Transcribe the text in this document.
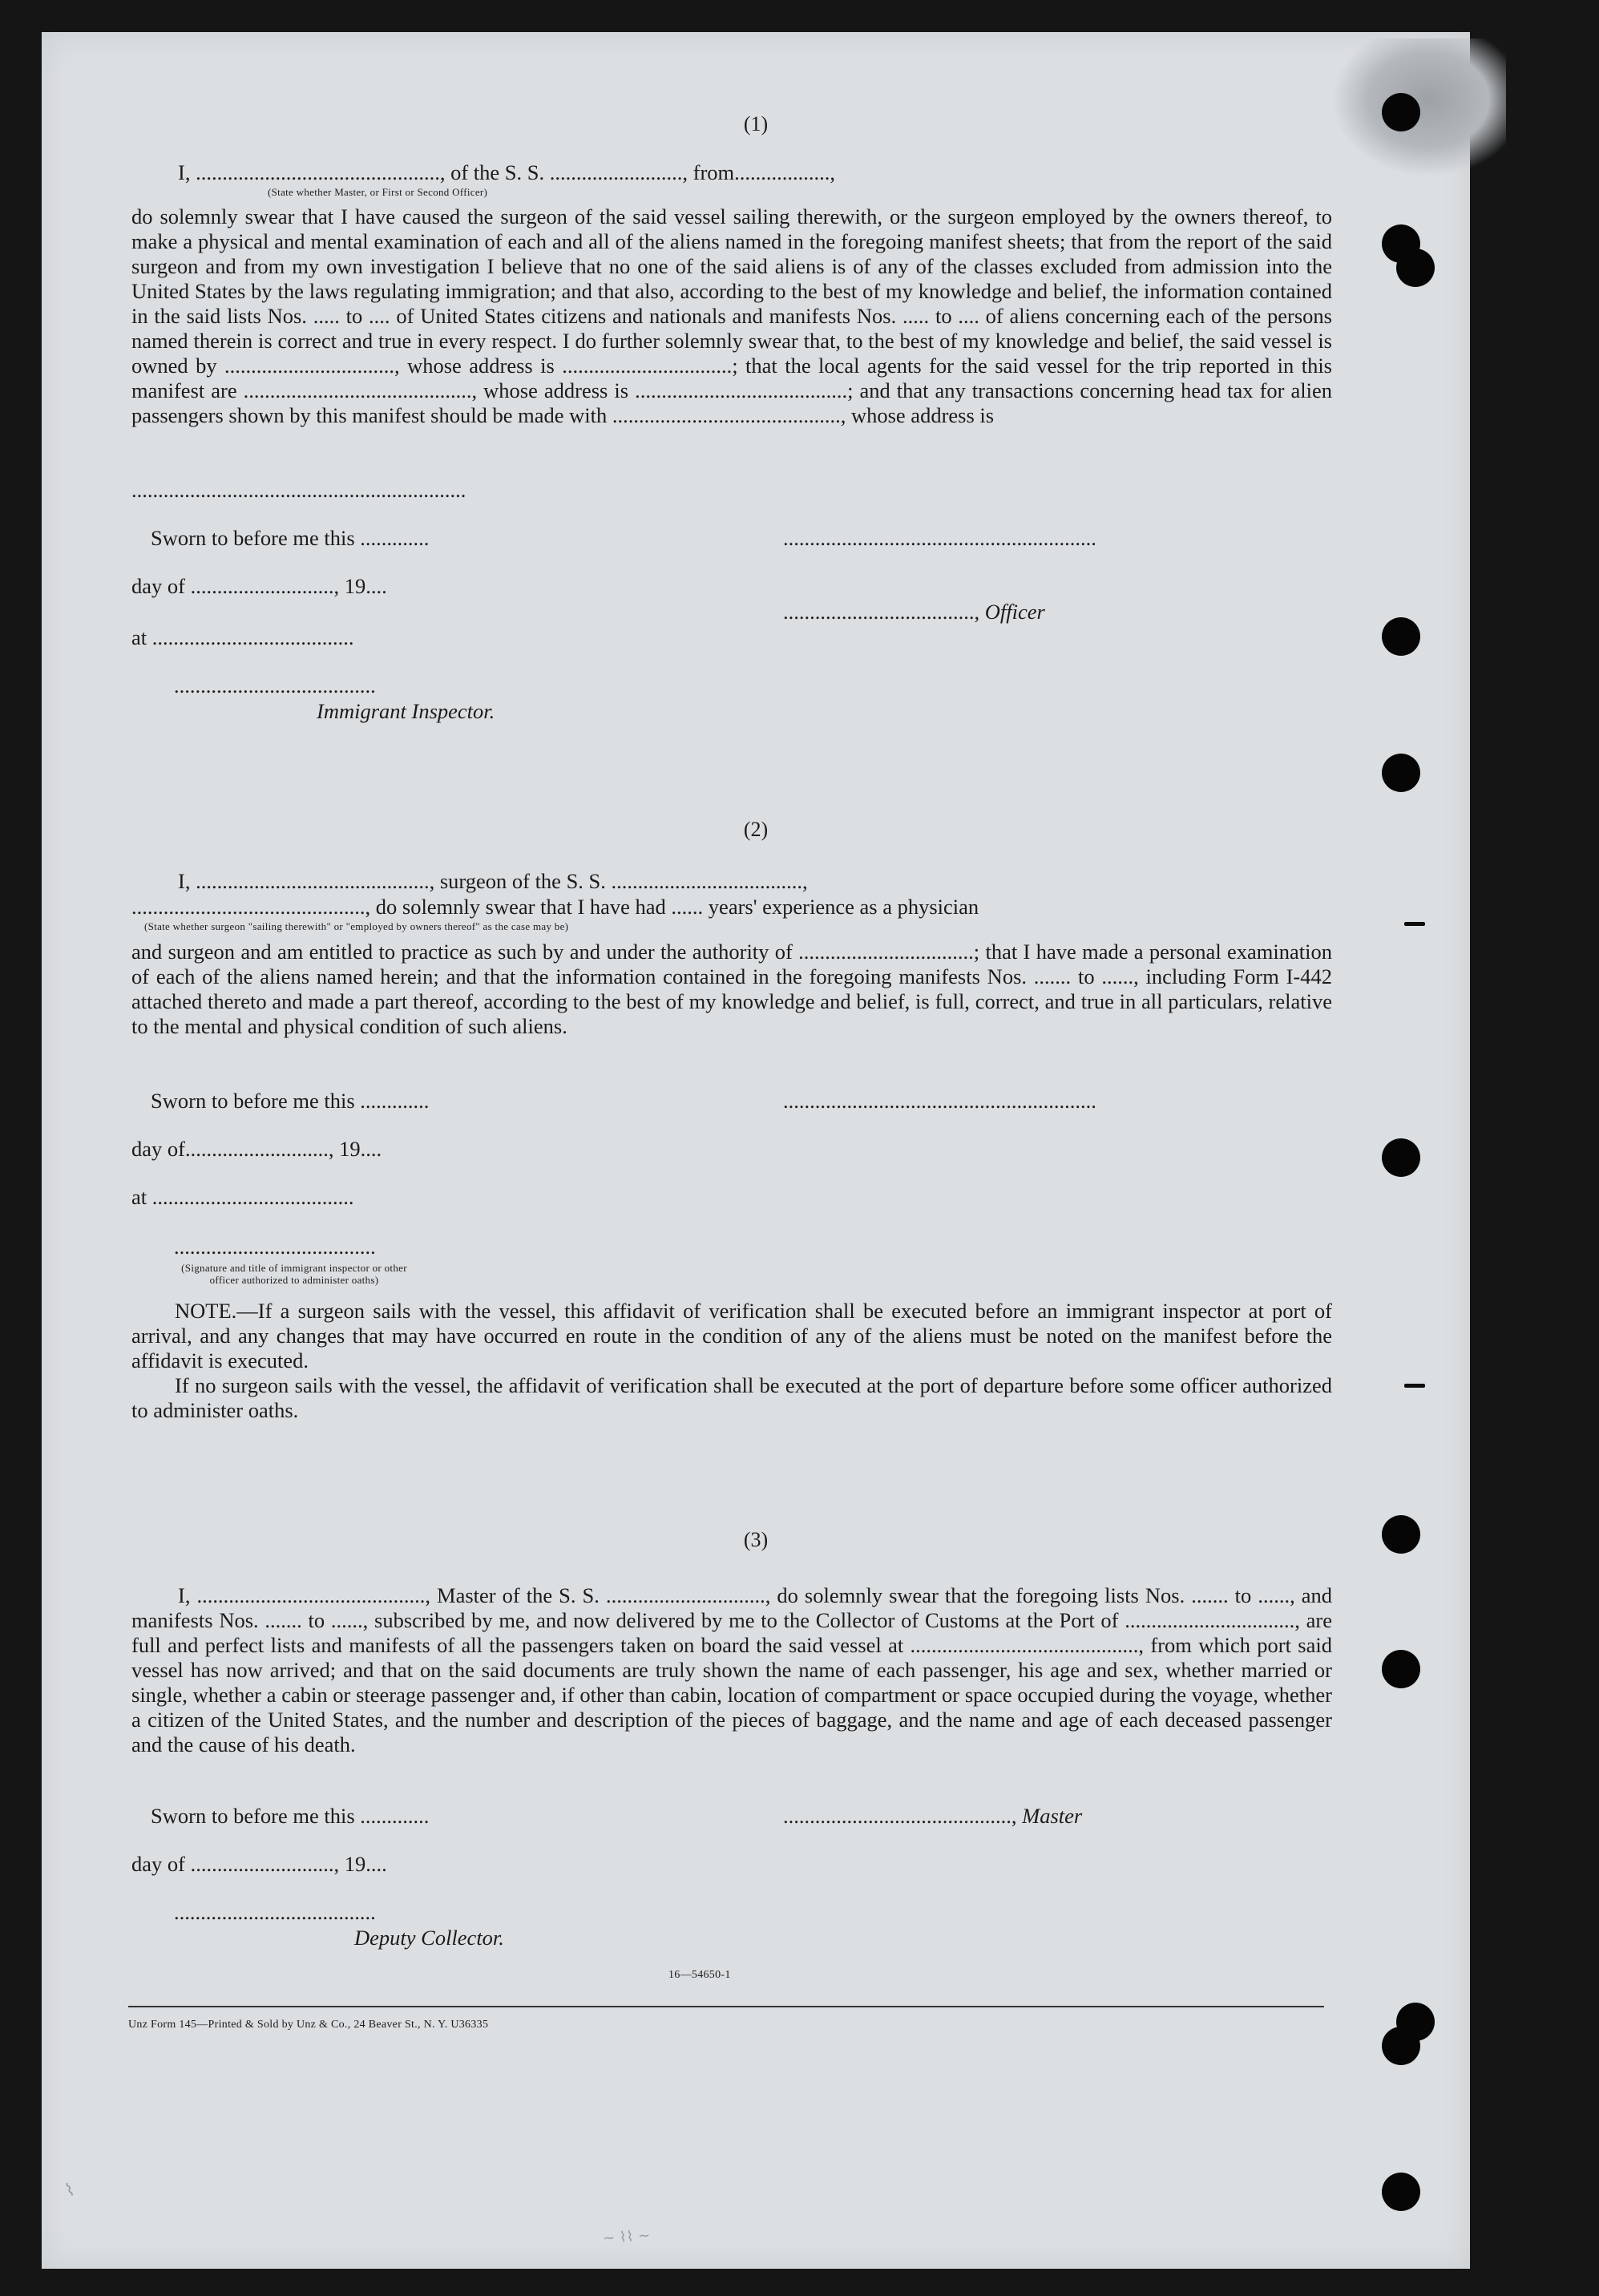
(1)
I, .............................................., of the S. S. ........................., from..................,
(State whether Master, or First or Second Officer)
do solemnly swear that I have caused the surgeon of the said vessel sailing therewith, or the surgeon employed by the owners thereof, to make a physical and mental examination of each and all of the aliens named in the foregoing manifest sheets; that from the report of the said surgeon and from my own investigation I believe that no one of the said aliens is of any of the classes excluded from admission into the United States by the laws regulating immigration; and that also, according to the best of my knowledge and belief, the information contained in the said lists Nos. ..... to .... of United States citizens and nationals and manifests Nos. ..... to .... of aliens concerning each of the persons named therein is correct and true in every respect. I do further solemnly swear that, to the best of my knowledge and belief, the said vessel is owned by ................................, whose address is ................................; that the local agents for the said vessel for the trip reported in this manifest are ..........................................., whose address is ........................................; and that any transactions concerning head tax for alien passengers shown by this manifest should be made with ..........................................., whose address is
...............................................................
Sworn to before me this .............	...........................................................
day of ..........................., 19....
...................................., Officer
at ......................................
......................................
Immigrant Inspector.
(2)
I, ............................................, surgeon of the S. S. ....................................,
............................................, do solemnly swear that I have had ...... years' experience as a physician
(State whether surgeon "sailing therewith" or "employed by owners thereof" as the case may be)
and surgeon and am entitled to practice as such by and under the authority of .................................; that I have made a personal examination of each of the aliens named herein; and that the information contained in the foregoing manifests Nos. ....... to ......, including Form I-442 attached thereto and made a part thereof, according to the best of my knowledge and belief, is full, correct, and true in all particulars, relative to the mental and physical condition of such aliens.
Sworn to before me this .............	...........................................................
day of..........................., 19....
at ......................................
......................................
(Signature and title of immigrant inspector or other officer authorized to administer oaths)
NOTE.—If a surgeon sails with the vessel, this affidavit of verification shall be executed before an immigrant inspector at port of arrival, and any changes that may have occurred en route in the condition of any of the aliens must be noted on the manifest before the affidavit is executed.
If no surgeon sails with the vessel, the affidavit of verification shall be executed at the port of departure before some officer authorized to administer oaths.
(3)
I, ..........................................., Master of the S. S. .............................., do solemnly swear that the foregoing lists Nos. ....... to ......, and manifests Nos. ....... to ......, subscribed by me, and now delivered by me to the Collector of Customs at the Port of ................................, are full and perfect lists and manifests of all the passengers taken on board the said vessel at ..........................................., from which port said vessel has now arrived; and that on the said documents are truly shown the name of each passenger, his age and sex, whether married or single, whether a cabin or steerage passenger and, if other than cabin, location of compartment or space occupied during the voyage, whether a citizen of the United States, and the number and description of the pieces of baggage, and the name and age of each deceased passenger and the cause of his death.
Sworn to before me this .............	..........................................., Master
day of ..........................., 19....
......................................
Deputy Collector.
16—54650-1
Unz Form 145—Printed & Sold by Unz & Co., 24 Beaver St., N. Y. U36335
⌇
~ ⌇⌇ ~
